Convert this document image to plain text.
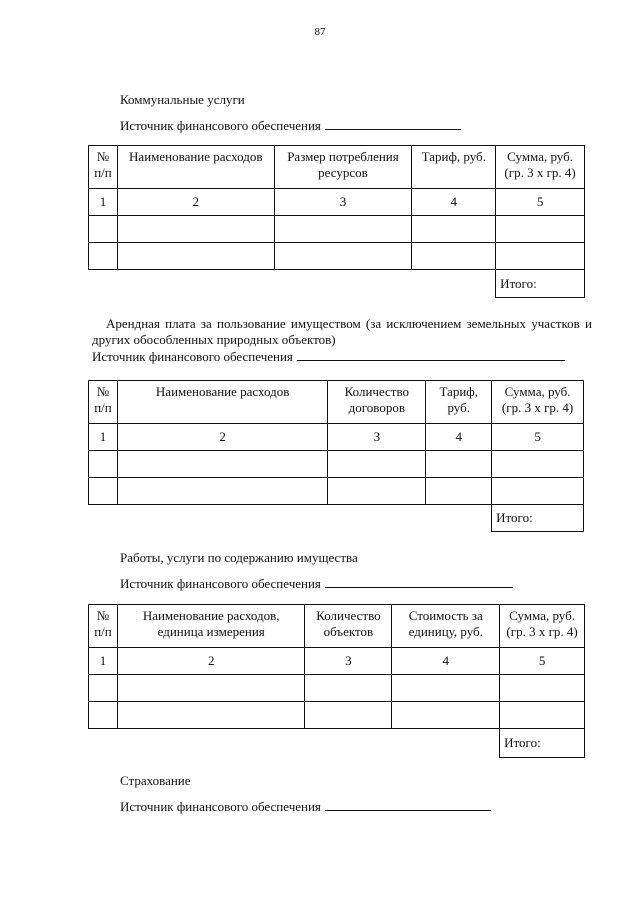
87
Коммунальные услуги
Источник финансового обеспечения
№ п/п	Наименование расходов	Размер потребления ресурсов	Тариф, руб.	Сумма, руб. (гр. 3 х гр. 4)
1	2	3	4	5

				Итого:
Арендная плата за пользование имуществом (за исключением земельных участков и других обособленных природных объектов)
Источник финансового обеспечения
№ п/п	Наименование расходов	Количество договоров	Тариф, руб.	Сумма, руб. (гр. 3 х гр. 4)
1	2	3	4	5

				Итого:
Работы, услуги по содержанию имущества
Источник финансового обеспечения
№ п/п	Наименование расходов, единица измерения	Количество объектов	Стоимость за единицу, руб.	Сумма, руб. (гр. 3 х гр. 4)
1	2	3	4	5

				Итого:
Страхование
Источник финансового обеспечения
